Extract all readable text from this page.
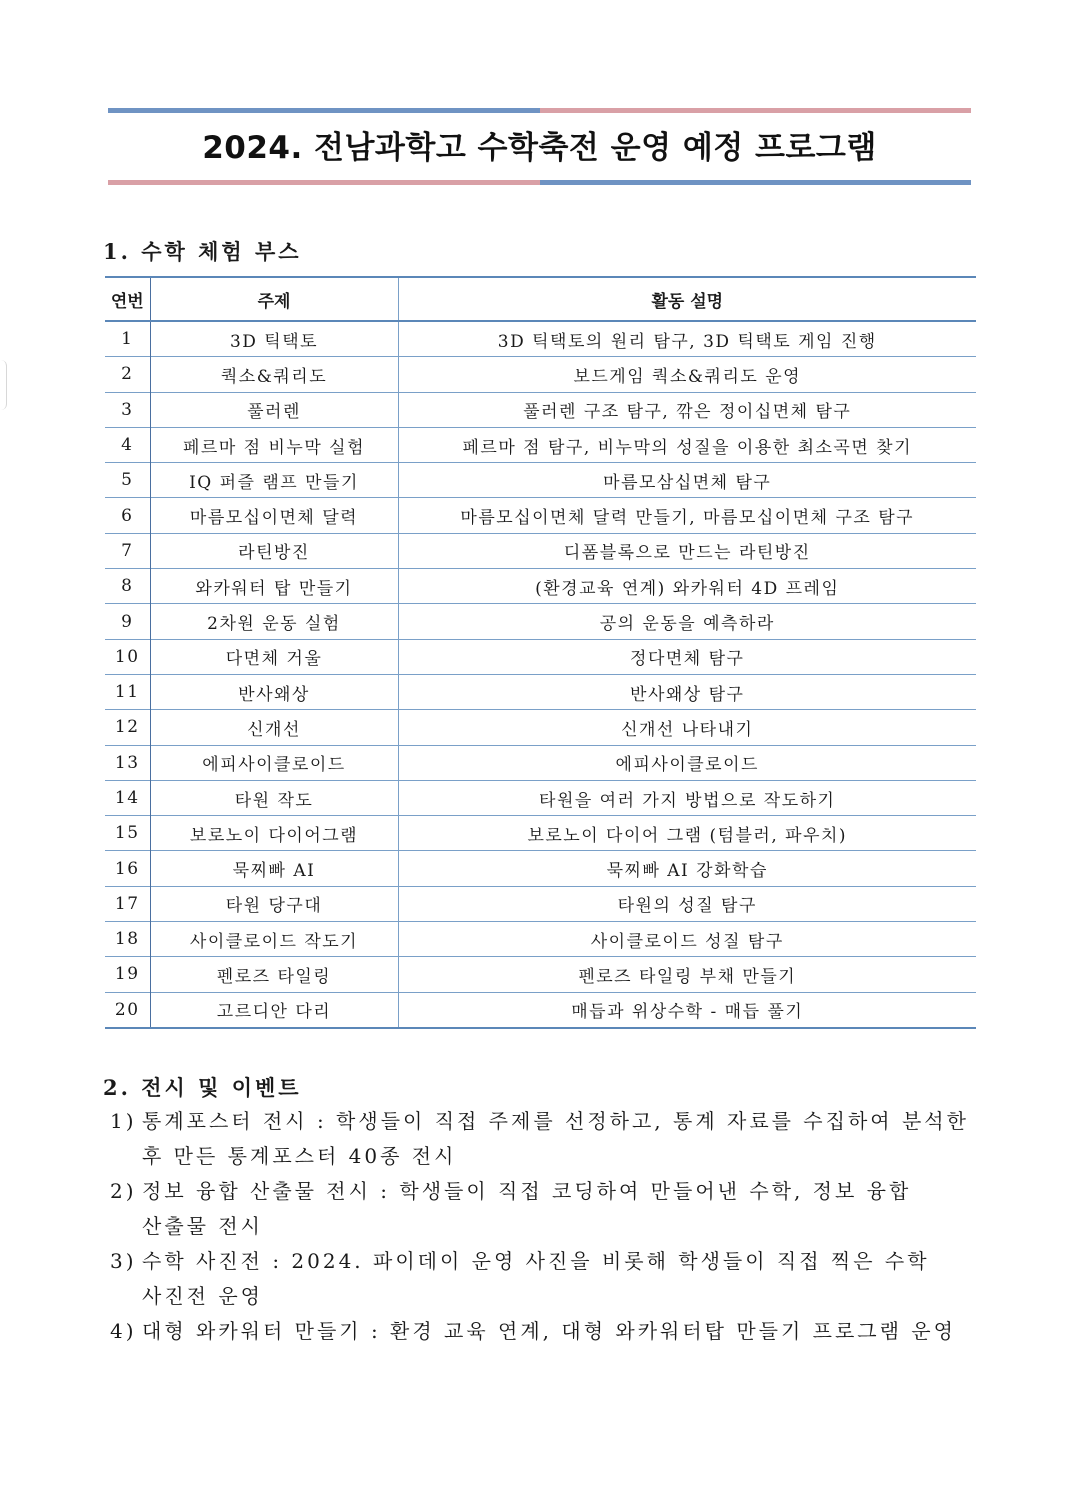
2024. 전남과학고 수학축전 운영 예정 프로그램
1. 수학 체험 부스
연번	주제	활동 설명
1	3D 틱택토	3D 틱택토의 원리 탐구, 3D 틱택토 게임 진행
2	쿽소&쿼리도	보드게임 쿽소&쿼리도 운영
3	풀러렌	풀러렌 구조 탐구, 깎은 정이십면체 탐구
4	페르마 점 비누막 실험	페르마 점 탐구, 비누막의 성질을 이용한 최소곡면 찾기
5	IQ 퍼즐 램프 만들기	마름모삼십면체 탐구
6	마름모십이면체 달력	마름모십이면체 달력 만들기, 마름모십이면체 구조 탐구
7	라틴방진	디폼블록으로 만드는 라틴방진
8	와카워터 탑 만들기	(환경교육 연계) 와카워터 4D 프레임
9	2차원 운동 실험	공의 운동을 예측하라
10	다면체 거울	정다면체 탐구
11	반사왜상	반사왜상 탐구
12	신개선	신개선 나타내기
13	에피사이클로이드	에피사이클로이드
14	타원 작도	타원을 여러 가지 방법으로 작도하기
15	보로노이 다이어그램	보로노이 다이어 그램 (텀블러, 파우치)
16	묵찌빠 AI	묵찌빠 AI 강화학습
17	타원 당구대	타원의 성질 탐구
18	사이클로이드 작도기	사이클로이드 성질 탐구
19	펜로즈 타일링	펜로즈 타일링 부채 만들기
20	고르디안 다리	매듭과 위상수학 - 매듭 풀기
2. 전시 및 이벤트
1) 통계포스터 전시 : 학생들이 직접 주제를 선정하고, 통계 자료를 수집하여 분석한
후 만든 통계포스터 40종 전시
2) 정보 융합 산출물 전시 : 학생들이 직접 코딩하여 만들어낸 수학, 정보 융합
산출물 전시
3) 수학 사진전 : 2024. 파이데이 운영 사진을 비롯해 학생들이 직접 찍은 수학
사진전 운영
4) 대형 와카워터 만들기 : 환경 교육 연계, 대형 와카워터탑 만들기 프로그램 운영
